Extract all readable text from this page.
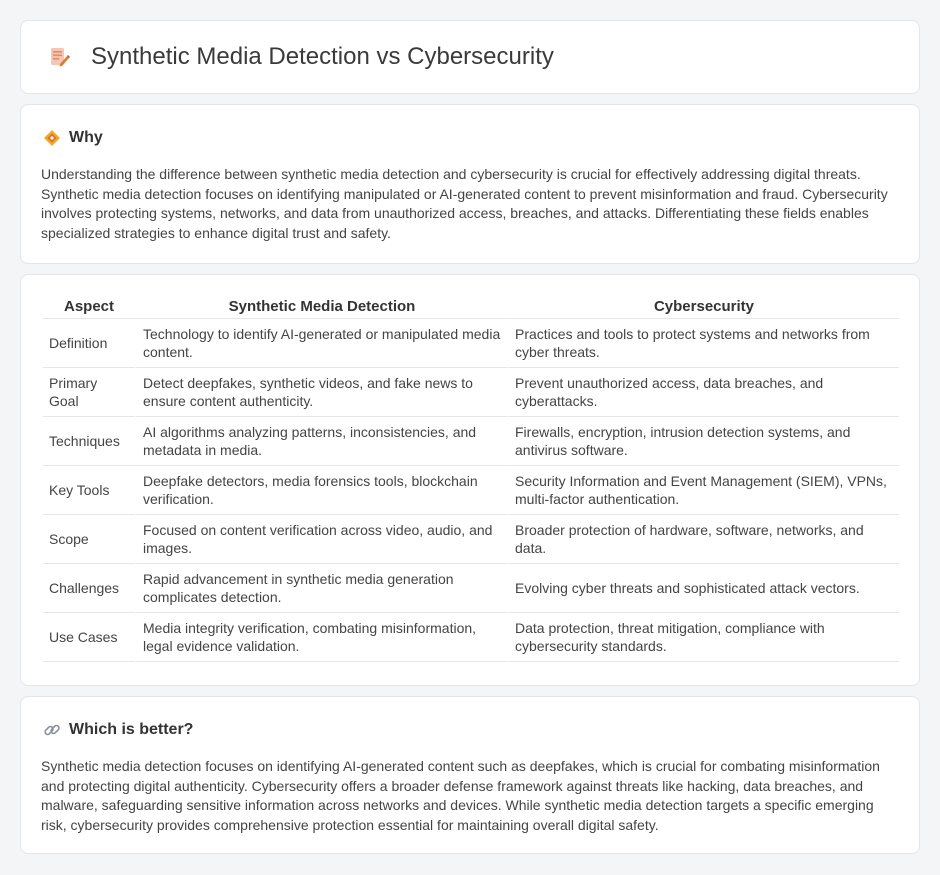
Synthetic Media Detection vs Cybersecurity
Why

Understanding the difference between synthetic media detection and cybersecurity is crucial for effectively addressing digital threats. Synthetic media detection focuses on identifying manipulated or AI-generated content to prevent misinformation and fraud. Cybersecurity involves protecting systems, networks, and data from unauthorized access, breaches, and attacks. Differentiating these fields enables specialized strategies to enhance digital trust and safety.

Aspect	Synthetic Media Detection	Cybersecurity
Definition	Technology to identify AI-generated or manipulated media content.	Practices and tools to protect systems and networks from cyber threats.
Primary Goal	Detect deepfakes, synthetic videos, and fake news to ensure content authenticity.	Prevent unauthorized access, data breaches, and cyberattacks.
Techniques	AI algorithms analyzing patterns, inconsistencies, and metadata in media.	Firewalls, encryption, intrusion detection systems, and antivirus software.
Key Tools	Deepfake detectors, media forensics tools, blockchain verification.	Security Information and Event Management (SIEM), VPNs, multi-factor authentication.
Scope	Focused on content verification across video, audio, and images.	Broader protection of hardware, software, networks, and data.
Challenges	Rapid advancement in synthetic media generation complicates detection.	Evolving cyber threats and sophisticated attack vectors.
Use Cases	Media integrity verification, combating misinformation, legal evidence validation.	Data protection, threat mitigation, compliance with cybersecurity standards.
Which is better?

Synthetic media detection focuses on identifying AI-generated content such as deepfakes, which is crucial for combating misinformation and protecting digital authenticity. Cybersecurity offers a broader defense framework against threats like hacking, data breaches, and malware, safeguarding sensitive information across networks and devices. While synthetic media detection targets a specific emerging risk, cybersecurity provides comprehensive protection essential for maintaining overall digital safety.
